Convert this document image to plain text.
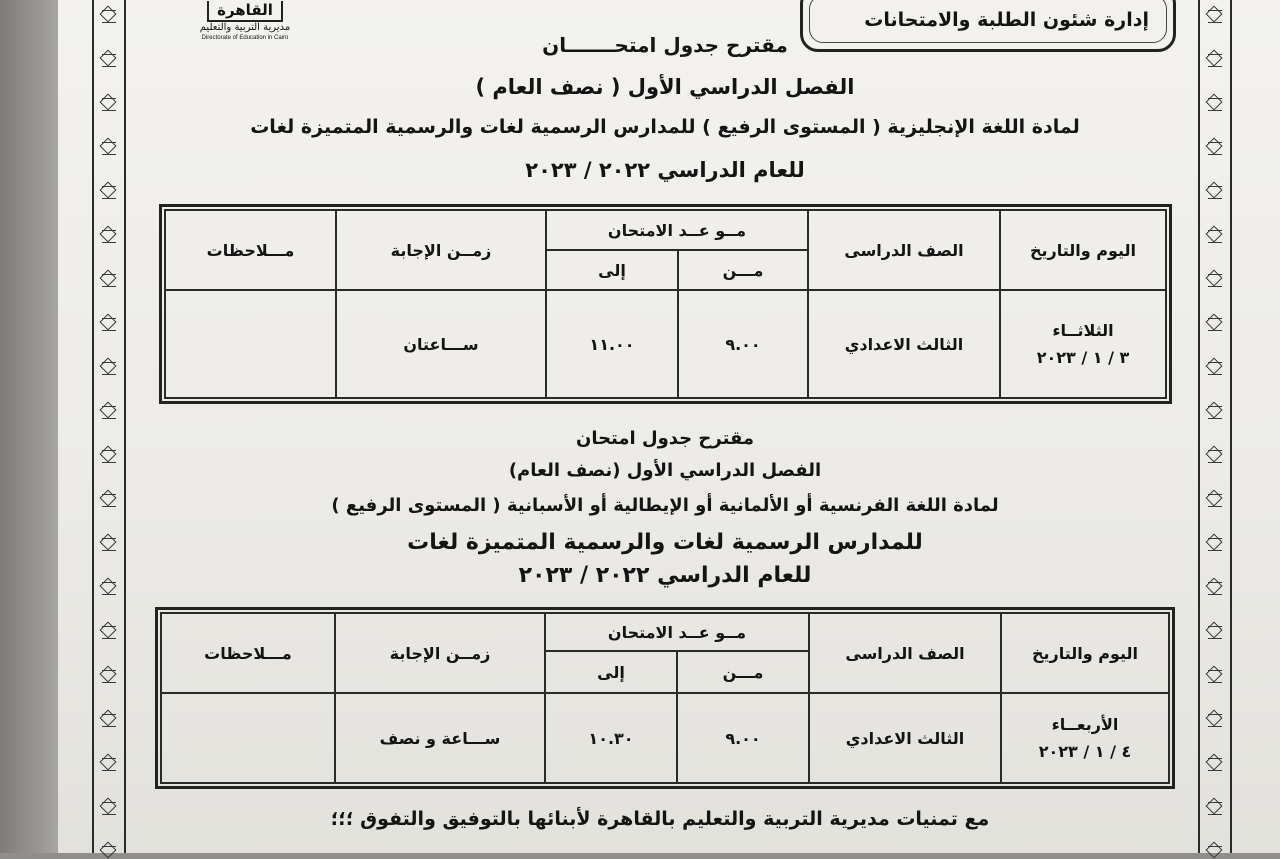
إدارة شئون الطلبة والامتحانات
القاهرة
مديرية التربية والتعليم
Directorate of Education in Cairo	مقترح جدول امتحـــــــان
الفصل الدراسي الأول ( نصف العام )
لمادة اللغة الإنجليزية ( المستوى الرفيع ) للمدارس الرسمية لغات والرسمية المتميزة لغات
للعام الدراسي ٢٠٢٢ / ٢٠٢٣
اليوم والتاريخ	الصف الدراسى	مــو عــد الامتحان		زمــن الإجابة	مـــلاحظات
		مـــن	إلى		

الثلاثــاء
٣ / ١ / ٢٠٢٣	الثالث الاعدادي	٩.٠٠	١١.٠٠	ســـاعتان	
مقترح جدول امتحان
الفصل الدراسي الأول (نصف العام)
لمادة اللغة الفرنسية أو الألمانية أو الإيطالية أو الأسبانية ( المستوى الرفيع )
للمدارس الرسمية لغات والرسمية المتميزة لغات
للعام الدراسي ٢٠٢٢ / ٢٠٢٣
اليوم والتاريخ	الصف الدراسى	مــو عــد الامتحان		زمــن الإجابة	مـــلاحظات
		مـــن	إلى		

الأربعــاء
٤ / ١ / ٢٠٢٣	الثالث الاعدادي	٩.٠٠	١٠.٣٠	ســـاعة و نصف	
مع تمنيات مديرية التربية والتعليم بالقاهرة لأبنائها بالتوفيق والتفوق ؛؛؛
